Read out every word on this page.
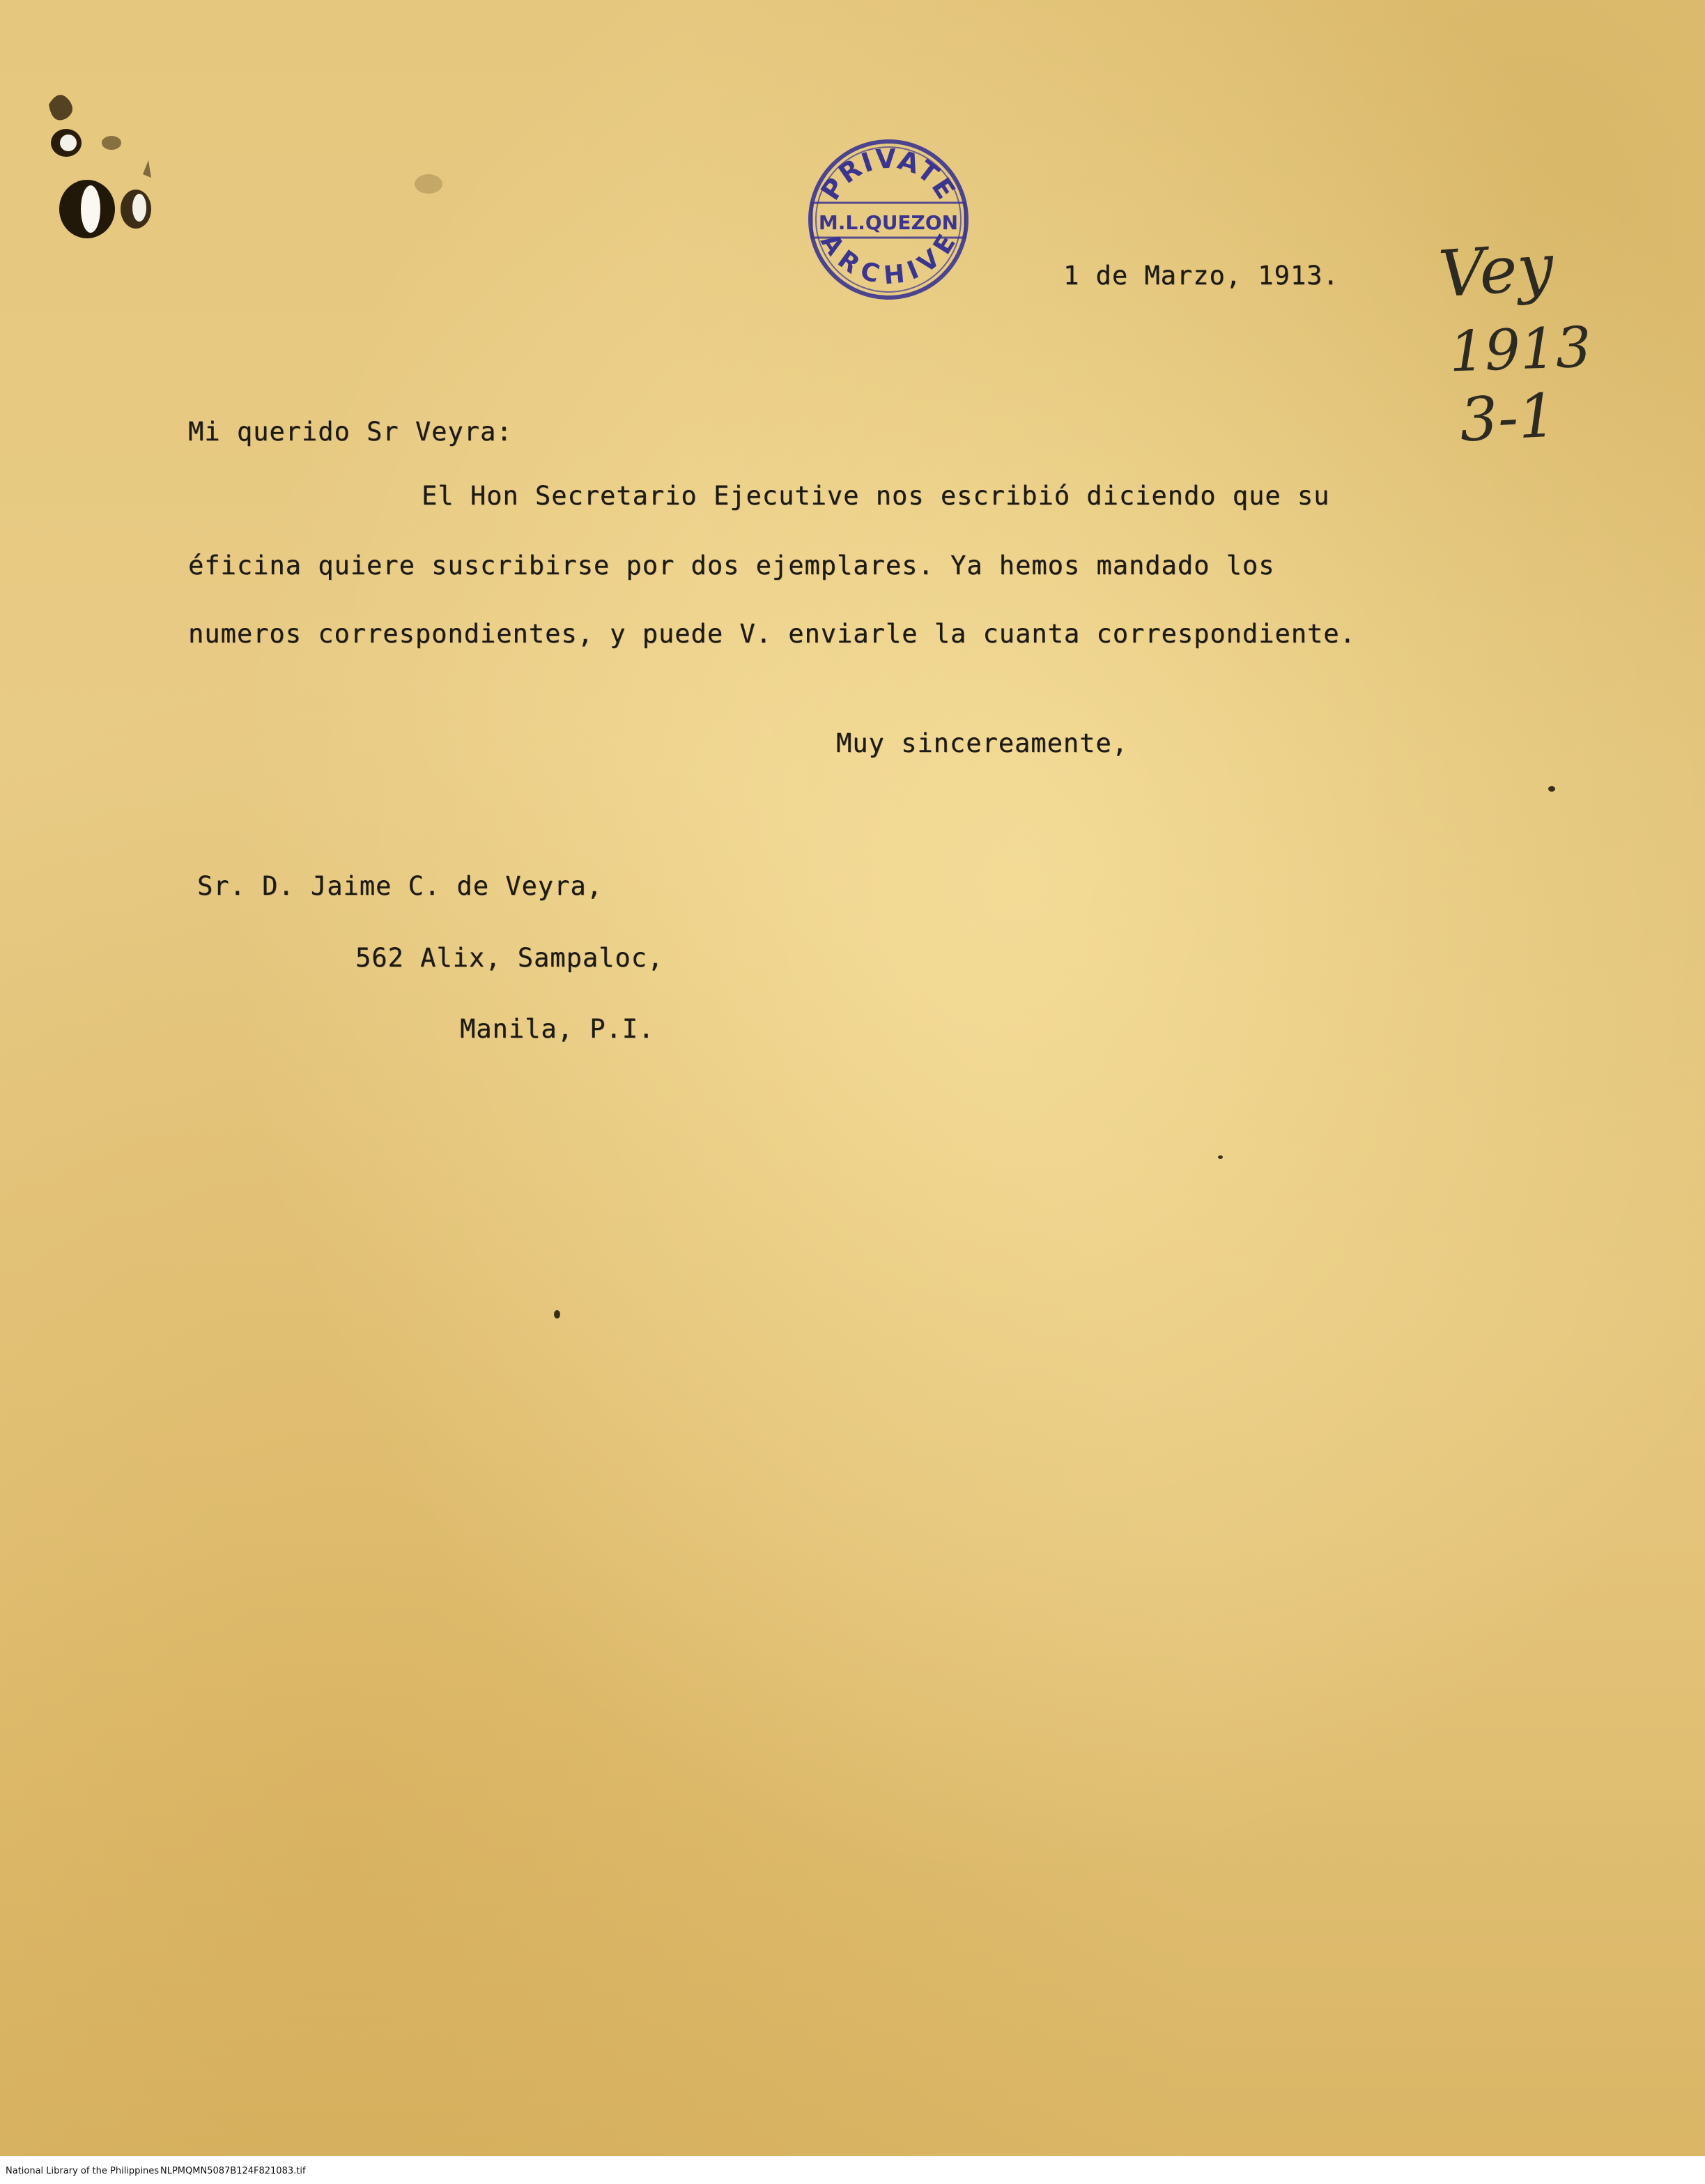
PRIVATE
M.L.QUEZON
ARCHIVE
1 de Marzo, 1913. Vey
1913
3-1
Mi querido Sr Veyra:
El Hon Secretario Ejecutive nos escribió diciendo que su
éficina quiere suscribirse por dos ejemplares. Ya hemos mandado los
numeros correspondientes, y puede V. enviarle la cuanta correspondiente.
Muy sincereamente,
Sr. D. Jaime C. de Veyra,
562 Alix, Sampaloc,
Manila, P.I.
National Library of the Philippines NLPMQMN5087B124F821083.tif
